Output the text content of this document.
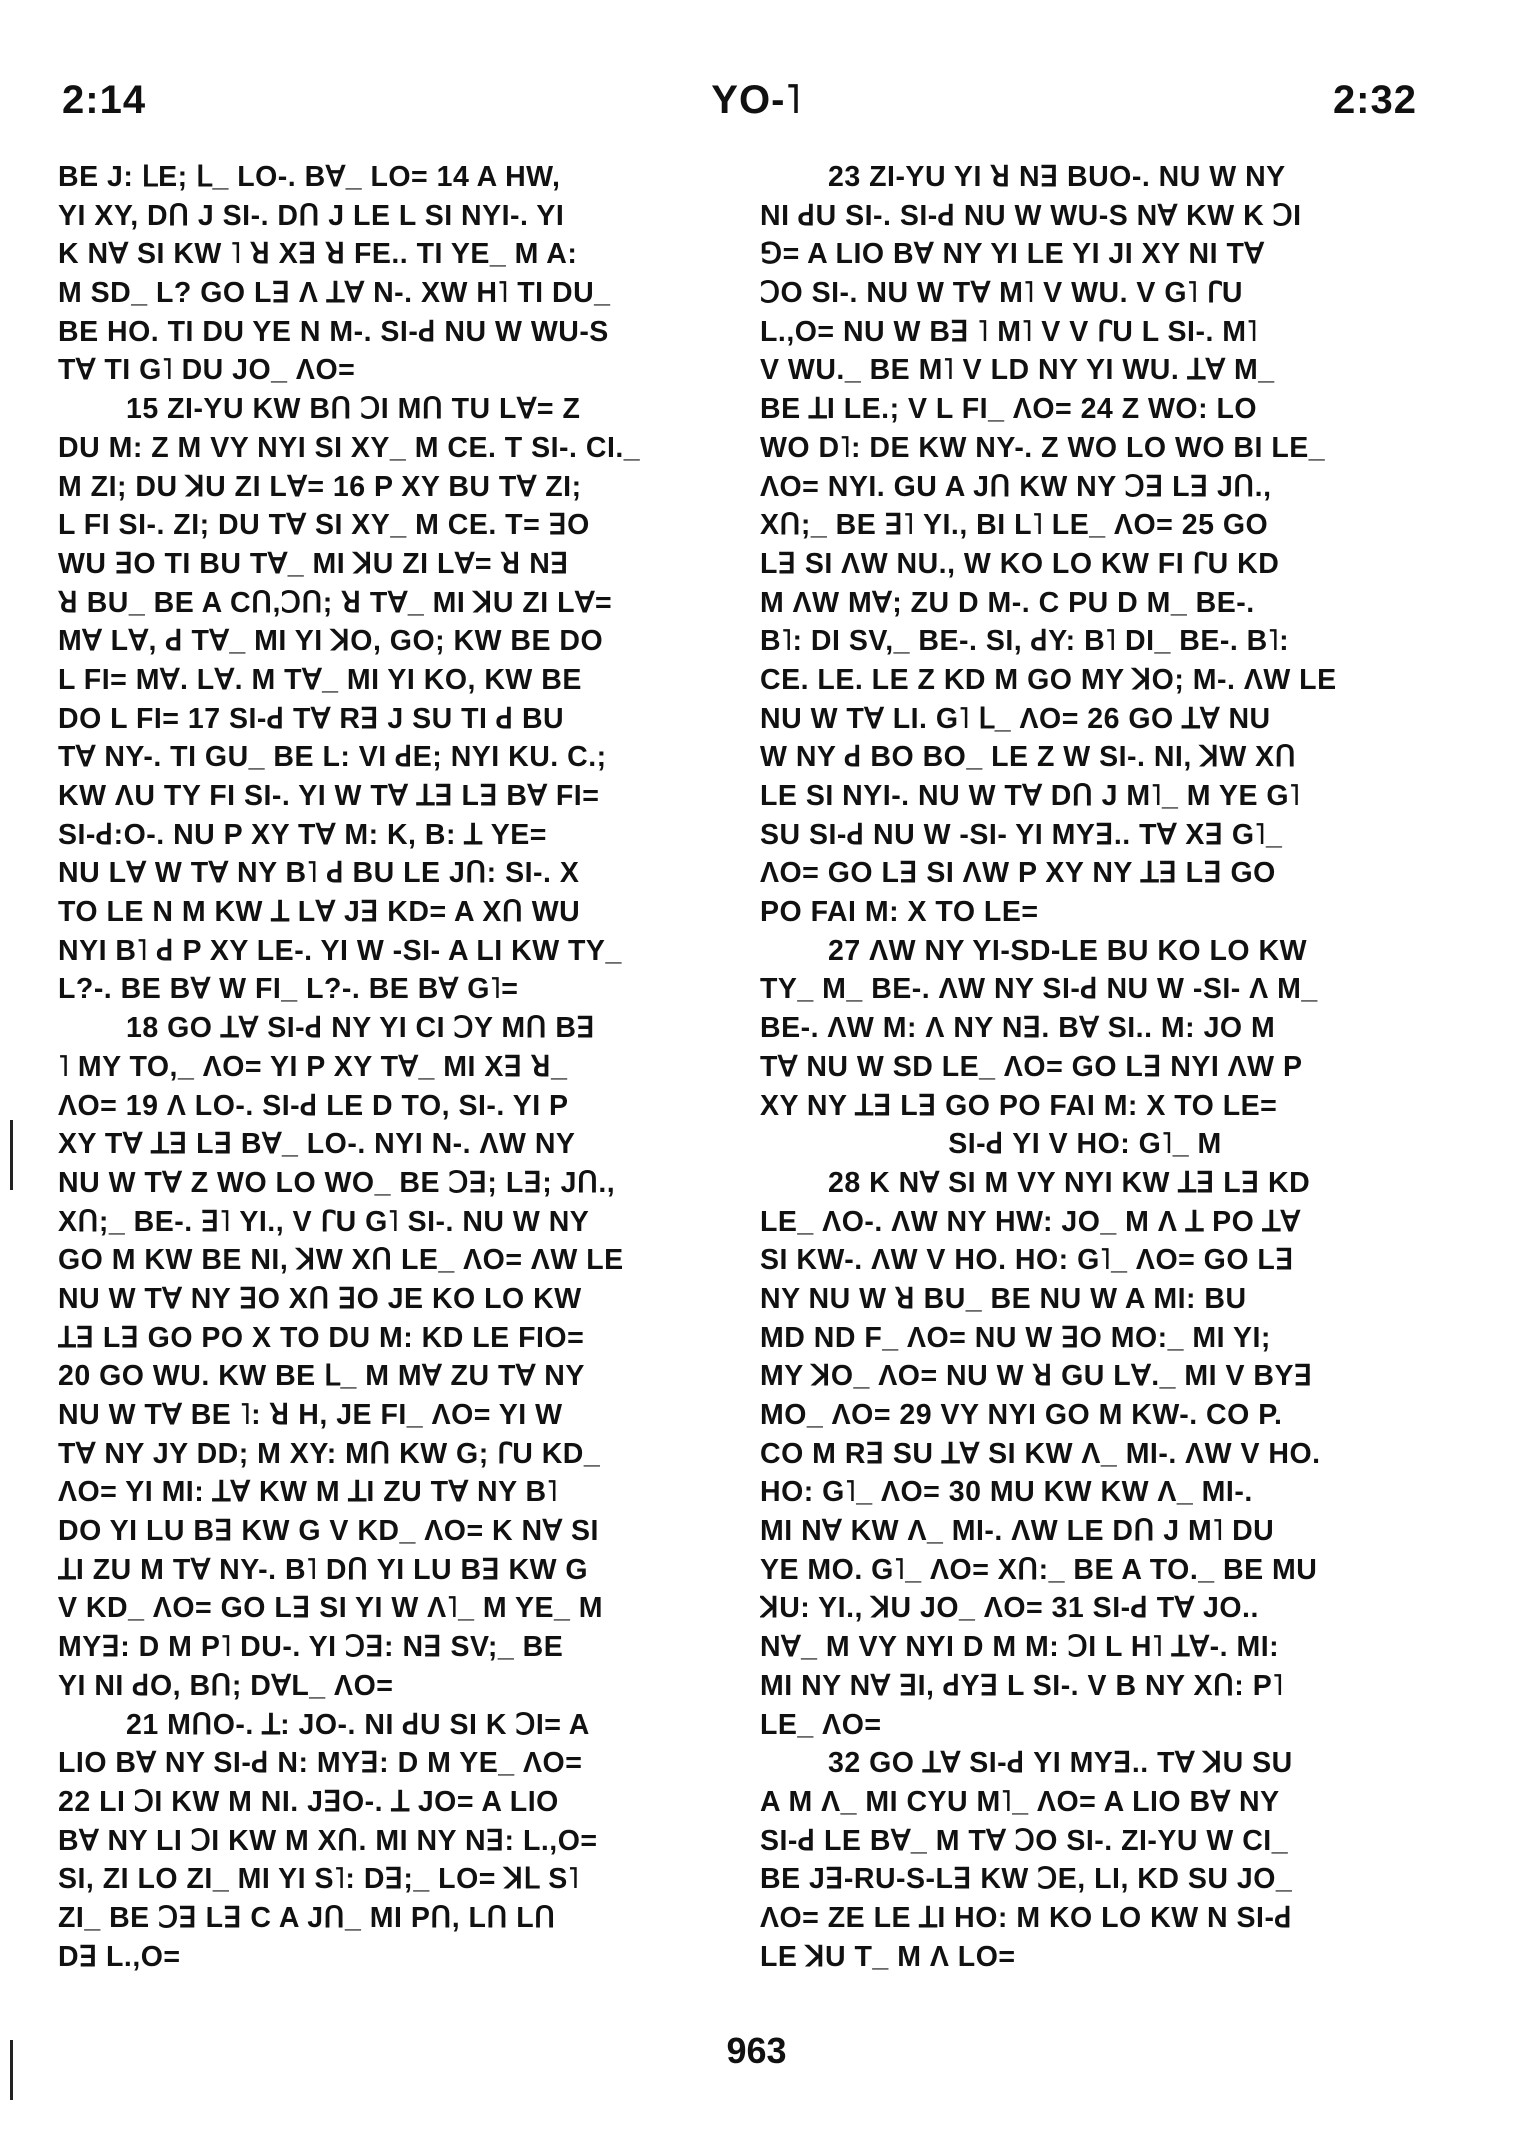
2:14	YO-˥	2:32
BE J: ꓡE; ꓡ_ LO-. Bꓯ_ LO= 14 A HW,
YI XY, Dꓵ J SI-. Dꓵ J LE L SI NYI-. YI
K Nꓯ SI KW ˥ ꓤ Xꓱ ꓤ FE.. TI YE_ M A:
M SD_ L? GO Lꓱ Ʌ ꓕꓯ N-. XW H˥ TI DU_
BE HO. TI DU YE N M-. SI-ꓒ NU W WU-S
Tꓯ TI G˥ DU JO_ ɅO=
15 ZI-YU KW Bꓵ ꓛI Mꓵ TU Lꓯ= Z
DU M: Z M VY NYI SI XY_ M CE. T SI-. CI._
M ZI; DU ꓘU ZI Lꓯ= 16 P XY BU Tꓯ ZI;
L FI SI-. ZI; DU Tꓯ SI XY_ M CE. T= ꓱO
WU ꓱO TI BU Tꓯ_ MI ꓘU ZI Lꓯ= ꓤ Nꓱ
ꓤ BU_ BE A Cꓵ,ꓛꓵ; ꓤ Tꓯ_ MI ꓘU ZI Lꓯ=
Mꓯ Lꓯ, ꓒ Tꓯ_ MI YI ꓘO, GO; KW BE DO
L FI= Mꓯ. Lꓯ. M Tꓯ_ MI YI KO, KW BE
DO L FI= 17 SI-ꓒ Tꓯ Rꓱ J SU TI ꓒ BU
Tꓯ NY-. TI GU_ BE L: VI ꓒE; NYI KU. C.;
KW ɅU TY FI SI-. YI W Tꓯ ꓕꓱ Lꓱ Bꓯ FI=
SI-ꓒ:O-. NU P XY Tꓯ M: K, B: ꓕ YE=
NU Lꓯ W Tꓯ NY B˥ ꓒ BU LE Jꓵ: SI-. X
TO LE N M KW ꓕ Lꓯ Jꓱ KD= A Xꓵ WU
NYI B˥ ꓒ P XY LE-. YI W -SI- A LI KW TY_
L?-. BE Bꓯ W FI_ L?-. BE Bꓯ G˥=
18 GO ꓕꓯ SI-ꓒ NY YI CI ꓛY Mꓵ Bꓱ
˥ MY TO,_ ɅO= YI P XY Tꓯ_ MI Xꓱ ꓤ_
ɅO= 19 Ʌ LO-. SI-ꓒ LE D TO, SI-. YI P
XY Tꓯ ꓕꓱ Lꓱ Bꓯ_ LO-. NYI N-. ɅW NY
NU W Tꓯ Z WO LO WO_ BE ꓛꓱ; Lꓱ; Jꓵ.,
Xꓵ;_ BE-. ꓱ˥ YI., V ꓩU G˥ SI-. NU W NY
GO M KW BE NI, ꓘW Xꓵ LE_ ɅO= ɅW LE
NU W Tꓯ NY ꓱO Xꓵ ꓱO JE KO LO KW
ꓕꓱ Lꓱ GO PO X TO DU M: KD LE FIO=
20 GO WU. KW BE ꓡ_ M Mꓯ ZU Tꓯ NY
NU W Tꓯ BE ˥: ꓤ H, JE FI_ ɅO= YI W
Tꓯ NY JY DD; M XY: Mꓵ KW G; ꓩU KD_
ɅO= YI MI: ꓕꓯ KW M ꓕI ZU Tꓯ NY B˥
DO YI LU Bꓱ KW G V KD_ ɅO= K Nꓯ SI
ꓕI ZU M Tꓯ NY-. B˥ Dꓵ YI LU Bꓱ KW G
V KD_ ɅO= GO Lꓱ SI YI W Ʌ˥_ M YE_ M
MYꓱ: D M P˥ DU-. YI ꓛꓱ: Nꓱ SV;_ BE
YI NI ꓒO, Bꓵ; DꓯL_ ɅO=
21 MꓵO-. ꓕ: JO-. NI ꓒU SI K ꓛI= A
LIO Bꓯ NY SI-ꓒ N: MYꓱ: D M YE_ ɅO=
22 LI ꓛI KW M NI. JꓱO-. ꓕ JO= A LIO
Bꓯ NY LI ꓛI KW M Xꓵ. MI NY Nꓱ: L.,O=
SI, ZI LO ZI_ MI YI S˥: Dꓱ;_ LO= ꓘꓡ S˥
ZI_ BE ꓛꓱ Lꓱ C A Jꓵ_ MI Pꓵ, Lꓵ Lꓵ
Dꓱ L.,O=
23 ZI-YU YI ꓤ Nꓱ BUO-. NU W NY
NI ꓒU SI-. SI-ꓒ NU W WU-S Nꓯ KW K ꓛI
⅁= A LIO Bꓯ NY YI LE YI JI XY NI Tꓯ
ꓛO SI-. NU W Tꓯ M˥ V WU. V G˥ ꓩU
L.,O= NU W Bꓱ ˥ M˥ V V ꓩU L SI-. M˥
V WU._ BE M˥ V LD NY YI WU. ꓕꓯ M_
BE ꓕI LE.; V L FI_ ɅO= 24 Z WO: LO
WO D˥: DE KW NY-. Z WO LO WO BI LE_
ɅO= NYI. GU A Jꓵ KW NY ꓛꓱ Lꓱ Jꓵ.,
Xꓵ;_ BE ꓱ˥ YI., BI L˥ LE_ ɅO= 25 GO
Lꓱ SI ɅW NU., W KO LO KW FI ꓩU KD
M ɅW Mꓯ; ZU D M-. C PU D M_ BE-.
B˥: DI SV,_ BE-. SI, ꓒY: B˥ DI_ BE-. B˥:
CE. LE. LE Z KD M GO MY ꓘO; M-. ɅW LE
NU W Tꓯ LI. G˥ ꓡ_ ɅO= 26 GO ꓕꓯ NU
W NY ꓒ BO BO_ LE Z W SI-. NI, ꓘW Xꓵ
LE SI NYI-. NU W Tꓯ Dꓵ J M˥_ M YE G˥
SU SI-ꓒ NU W -SI- YI MYꓱ.. Tꓯ Xꓱ G˥_
ɅO= GO Lꓱ SI ɅW P XY NY ꓕꓱ Lꓱ GO
PO FAI M: X TO LE=
27 ɅW NY YI-SD-LE BU KO LO KW
TY_ M_ BE-. ɅW NY SI-ꓒ NU W -SI- Ʌ M_
BE-. ɅW M: Ʌ NY Nꓱ. Bꓯ SI.. M: JO M
Tꓯ NU W SD LE_ ɅO= GO Lꓱ NYI ɅW P
XY NY ꓕꓱ Lꓱ GO PO FAI M: X TO LE=
SI-ꓒ YI V HO: G˥_ M
28 K Nꓯ SI M VY NYI KW ꓕꓱ Lꓱ KD
LE_ ɅO-. ɅW NY HW: JO_ M Ʌ ꓕ PO ꓕꓯ
SI KW-. ɅW V HO. HO: G˥_ ɅO= GO Lꓱ
NY NU W ꓤ BU_ BE NU W A MI: BU
MD ND F_ ɅO= NU W ꓱO MO:_ MI YI;
MY ꓘO_ ɅO= NU W ꓤ GU Lꓯ._ MI V BYꓱ
MO_ ɅO= 29 VY NYI GO M KW-. CO P.
CO M Rꓱ SU ꓕꓯ SI KW Ʌ_ MI-. ɅW V HO.
HO: G˥_ ɅO= 30 MU KW KW Ʌ_ MI-.
MI Nꓯ KW Ʌ_ MI-. ɅW LE Dꓵ J M˥ DU
YE MO. G˥_ ɅO= Xꓵ:_ BE A TO._ BE MU
ꓘU: YI., ꓘU JO_ ɅO= 31 SI-ꓒ Tꓯ JO..
Nꓯ_ M VY NYI D M M: ꓛI L H˥ ꓕꓯ-. MI:
MI NY Nꓯ ꓱI, ꓒYꓱ L SI-. V B NY Xꓵ: P˥
LE_ ɅO=
32 GO ꓕꓯ SI-ꓒ YI MYꓱ.. Tꓯ ꓘU SU
A M Ʌ_ MI CYU M˥_ ɅO= A LIO Bꓯ NY
SI-ꓒ LE Bꓯ_ M Tꓯ ꓛO SI-. ZI-YU W CI_
BE Jꓱ-RU-S-Lꓱ KW ꓛE, LI, KD SU JO_
ɅO= ZE LE ꓕI HO: M KO LO KW N SI-ꓒ
LE ꓘU T_ M Ʌ LO=
963
